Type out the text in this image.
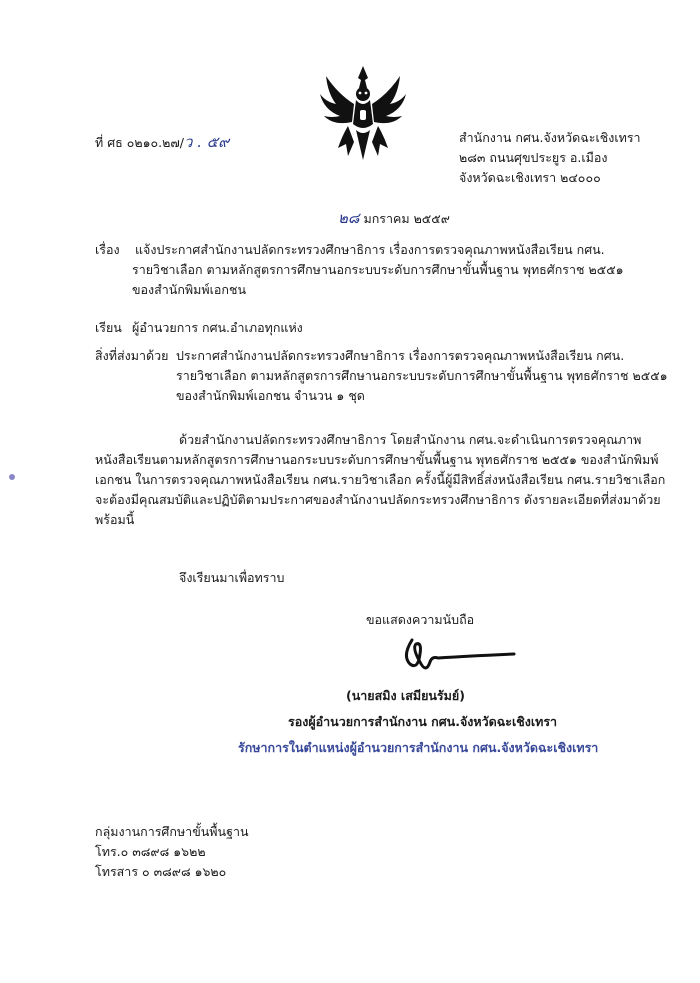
ที่ ศธ ๐๒๑๐.๒๗/ว . ๕๙	สำนักงาน กศน.จังหวัดฉะเชิงเทรา
๒๘๓ ถนนศุขประยูร อ.เมือง
จังหวัดฉะเชิงเทรา ๒๔๐๐๐
๒๘ มกราคม ๒๕๕๙
เรื่อง แจ้งประกาศสำนักงานปลัดกระทรวงศึกษาธิการ เรื่องการตรวจคุณภาพหนังสือเรียน กศน.
รายวิชาเลือก ตามหลักสูตรการศึกษานอกระบบระดับการศึกษาขั้นพื้นฐาน พุทธศักราช ๒๕๕๑
ของสำนักพิมพ์เอกชน
เรียน ผู้อำนวยการ กศน.อำเภอทุกแห่ง
สิ่งที่ส่งมาด้วย ประกาศสำนักงานปลัดกระทรวงศึกษาธิการ เรื่องการตรวจคุณภาพหนังสือเรียน กศน.
รายวิชาเลือก ตามหลักสูตรการศึกษานอกระบบระดับการศึกษาขั้นพื้นฐาน พุทธศักราช ๒๕๕๑
ของสำนักพิมพ์เอกชน จำนวน ๑ ชุด
ด้วยสำนักงานปลัดกระทรวงศึกษาธิการ โดยสำนักงาน กศน.จะดำเนินการตรวจคุณภาพ
หนังสือเรียนตามหลักสูตรการศึกษานอกระบบระดับการศึกษาขั้นพื้นฐาน พุทธศักราช ๒๕๕๑ ของสำนักพิมพ์
เอกชน ในการตรวจคุณภาพหนังสือเรียน กศน.รายวิชาเลือก ครั้งนี้ผู้มีสิทธิ์ส่งหนังสือเรียน กศน.รายวิชาเลือก
จะต้องมีคุณสมบัติและปฏิบัติตามประกาศของสำนักงานปลัดกระทรวงศึกษาธิการ ดังรายละเอียดที่ส่งมาด้วย
พร้อมนี้
จึงเรียนมาเพื่อทราบ
ขอแสดงความนับถือ
(นายสมิง เสมียนรัมย์)
รองผู้อำนวยการสำนักงาน กศน.จังหวัดฉะเชิงเทรา
รักษาการในตำแหน่งผู้อำนวยการสำนักงาน กศน.จังหวัดฉะเชิงเทรา
กลุ่มงานการศึกษาขั้นพื้นฐาน
โทร.๐ ๓๘๙๘ ๑๖๒๒
โทรสาร ๐ ๓๘๙๘ ๑๖๒๐
